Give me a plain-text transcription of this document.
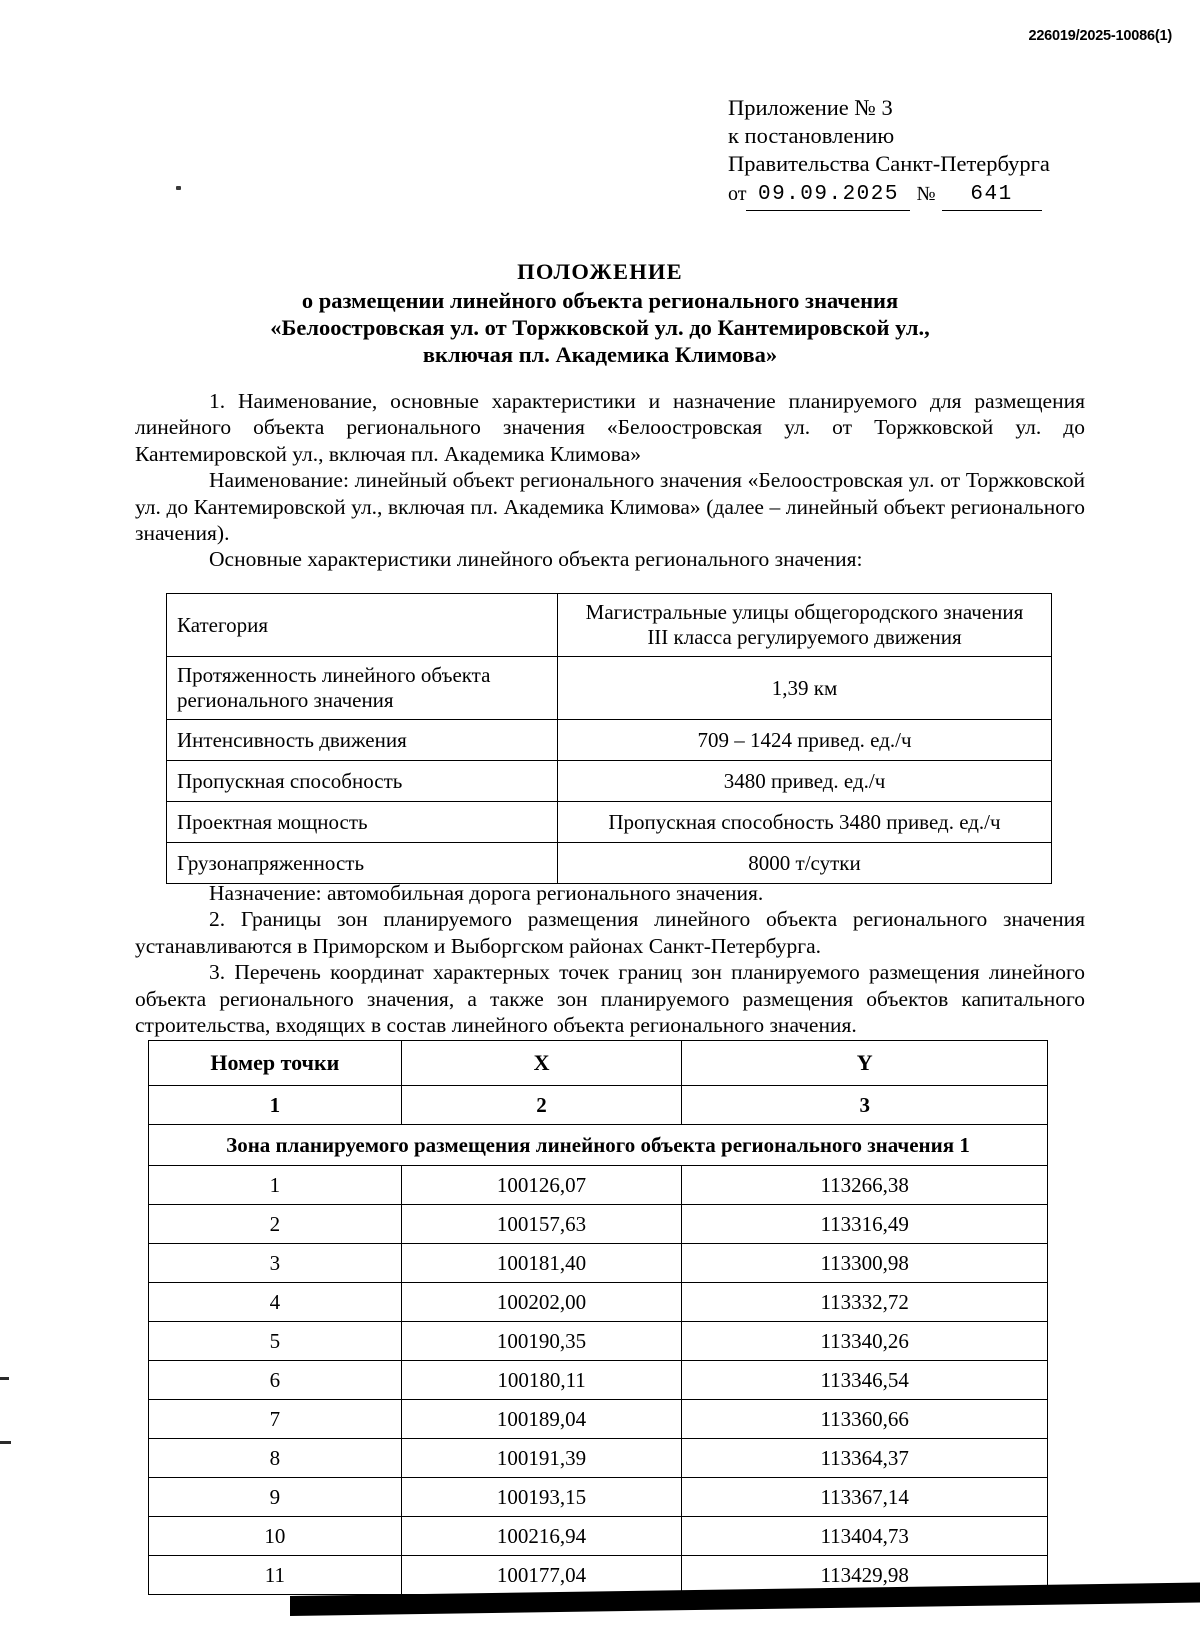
226019/2025-10086(1)
Приложение № 3
к постановлению
Правительства Санкт-Петербурга
от 09.09.2025 №	641
ПОЛОЖЕНИЕ
о размещении линейного объекта регионального значения
«Белоостровская ул. от Торжковской ул. до Кантемировской ул.,
включая пл. Академика Климова»

1. Наименование, основные характеристики и назначение планируемого для размещения линейного объекта регионального значения «Белоостровская ул. от Торжковской ул. до Кантемировской ул., включая пл. Академика Климова»

Наименование: линейный объект регионального значения «Белоостровская ул. от Торжковской ул. до Кантемировской ул., включая пл. Академика Климова» (далее – линейный объект регионального значения).

Основные характеристики линейного объекта регионального значения:

Категория	Магистральные улицы общегородского значения
III класса регулируемого движения

Протяженность линейного объекта
регионального значения	1,39 км
Интенсивность движения	709 – 1424 привед. ед./ч
Пропускная способность	3480 привед. ед./ч
Проектная мощность	Пропускная способность 3480 привед. ед./ч
Грузонапряженность	8000 т/сутки

Назначение: автомобильная дорога регионального значения.

2. Границы зон планируемого размещения линейного объекта регионального значения устанавливаются в Приморском и Выборгском районах Санкт-Петербурга.

3. Перечень координат характерных точек границ зон планируемого размещения линейного объекта регионального значения, а также зон планируемого размещения объектов капитального строительства, входящих в состав линейного объекта регионального значения.

Номер точки	X	Y
1	2	3
Зона планируемого размещения линейного объекта регионального значения 1		
1	100126,07	113266,38
2	100157,63	113316,49
3	100181,40	113300,98
4	100202,00	113332,72
5	100190,35	113340,26
6	100180,11	113346,54
7	100189,04	113360,66
8	100191,39	113364,37
9	100193,15	113367,14
10	100216,94	113404,73
11	100177,04	113429,98
